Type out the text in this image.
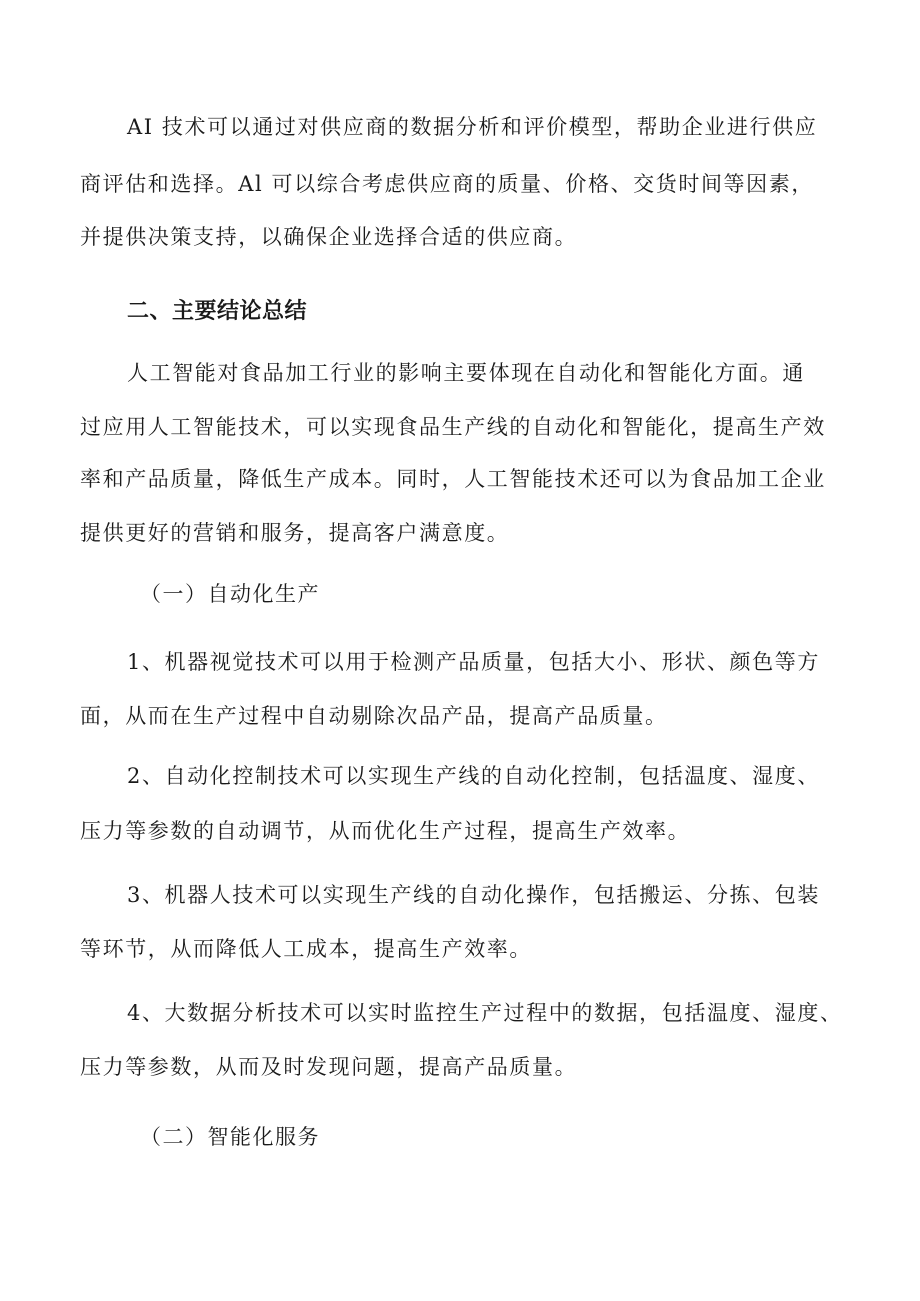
AI 技术可以通过对供应商的数据分析和评价模型，帮助企业进行供应
商评估和选择。Al 可以综合考虑供应商的质量、价格、交货时间等因素，
并提供决策支持，以确保企业选择合适的供应商。
二、主要结论总结
人工智能对食品加工行业的影响主要体现在自动化和智能化方面。通
过应用人工智能技术，可以实现食品生产线的自动化和智能化，提高生产效
率和产品质量，降低生产成本。同时，人工智能技术还可以为食品加工企业
提供更好的营销和服务，提高客户满意度。
（一）自动化生产
1、机器视觉技术可以用于检测产品质量，包括大小、形状、颜色等方
面，从而在生产过程中自动剔除次品产品，提高产品质量。
2、自动化控制技术可以实现生产线的自动化控制，包括温度、湿度、
压力等参数的自动调节，从而优化生产过程，提高生产效率。
3、机器人技术可以实现生产线的自动化操作，包括搬运、分拣、包装
等环节，从而降低人工成本，提高生产效率。
4、大数据分析技术可以实时监控生产过程中的数据，包括温度、湿度、
压力等参数，从而及时发现问题，提高产品质量。
（二）智能化服务
